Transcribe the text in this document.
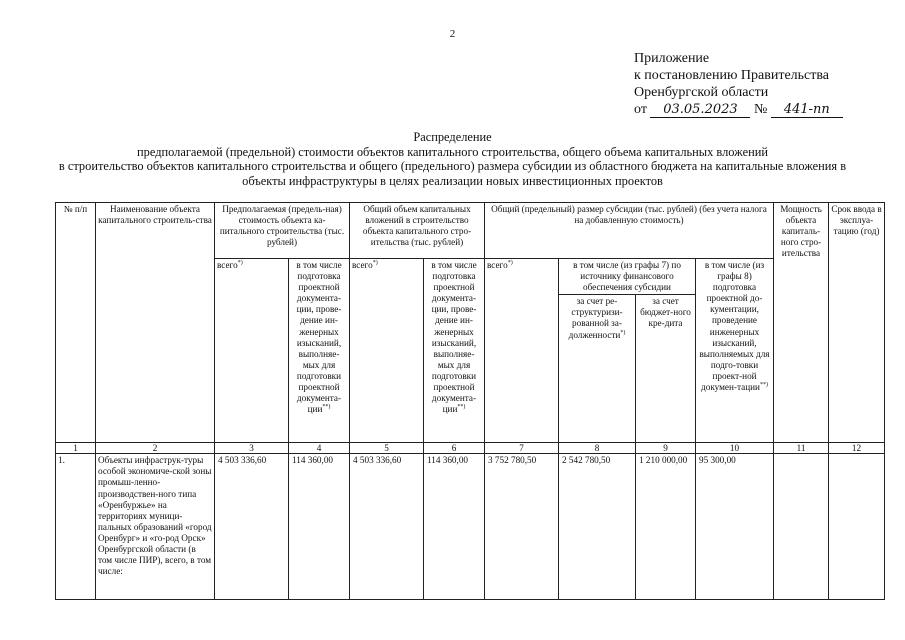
2
Приложение
к постановлению Правительства
Оренбургской области
от 03.05.2023 № 441-пп
Распределение
предполагаемой (предельной) стоимости объектов капитального строительства, общего объема капитальных вложений
в строительство объектов капитального строительства и общего (предельного) размера субсидии из областного бюджета на капитальные вложения в
объекты инфраструктуры в целях реализации новых инвестиционных проектов
№ п/п	Наименование объекта капитального строитель-ства	Предполагаемая (предель-ная) стоимость объекта ка-питального строительства (тыс. рублей)		Общий объем капитальных вложений в строительство объекта капитального стро-ительства (тыс. рублей)		Общий (предельный) размер субсидии (тыс. рублей) (без учета налога на добавленную стоимость)				Мощность объекта капиталь-ного стро-ительства	Срок ввода в эксплуа-тацию (год)
		всего*)	в том числе подготовка проектной документа-ции, прове-дение ин-женерных изысканий, выполняе-мых для подготовки проектной документа-ции**)	всего*)	в том числе подготовка проектной документа-ции, прове-дение ин-женерных изысканий, выполняе-мых для подготовки проектной документа-ции**)	всего*)	в том числе (из графы 7) по источнику финансового обеспечения субсидии		в том числе (из графы 8) подготовка проектной до-кументации, проведение инженерных изысканий, выполняемых для подго-товки проект-ной докумен-тации**)
							за счет ре-структуризи-рованной за-долженности*)	за счет бюджет-ного кре-дита			
1	2	3	4	5	6	7	8	9	10	11	12
1.	Объекты инфраструк-туры особой экономиче-ской зоны промыш-ленно-производствен-ного типа «Оренбуржье» на территориях муници-пальных образований «город Оренбург» и «го-род Орск» Оренбургской области (в том числе ПИР), всего, в том числе:	4 503 336,60	114 360,00	4 503 336,60	114 360,00	3 752 780,50	2 542 780,50	1 210 000,00	95 300,00		
